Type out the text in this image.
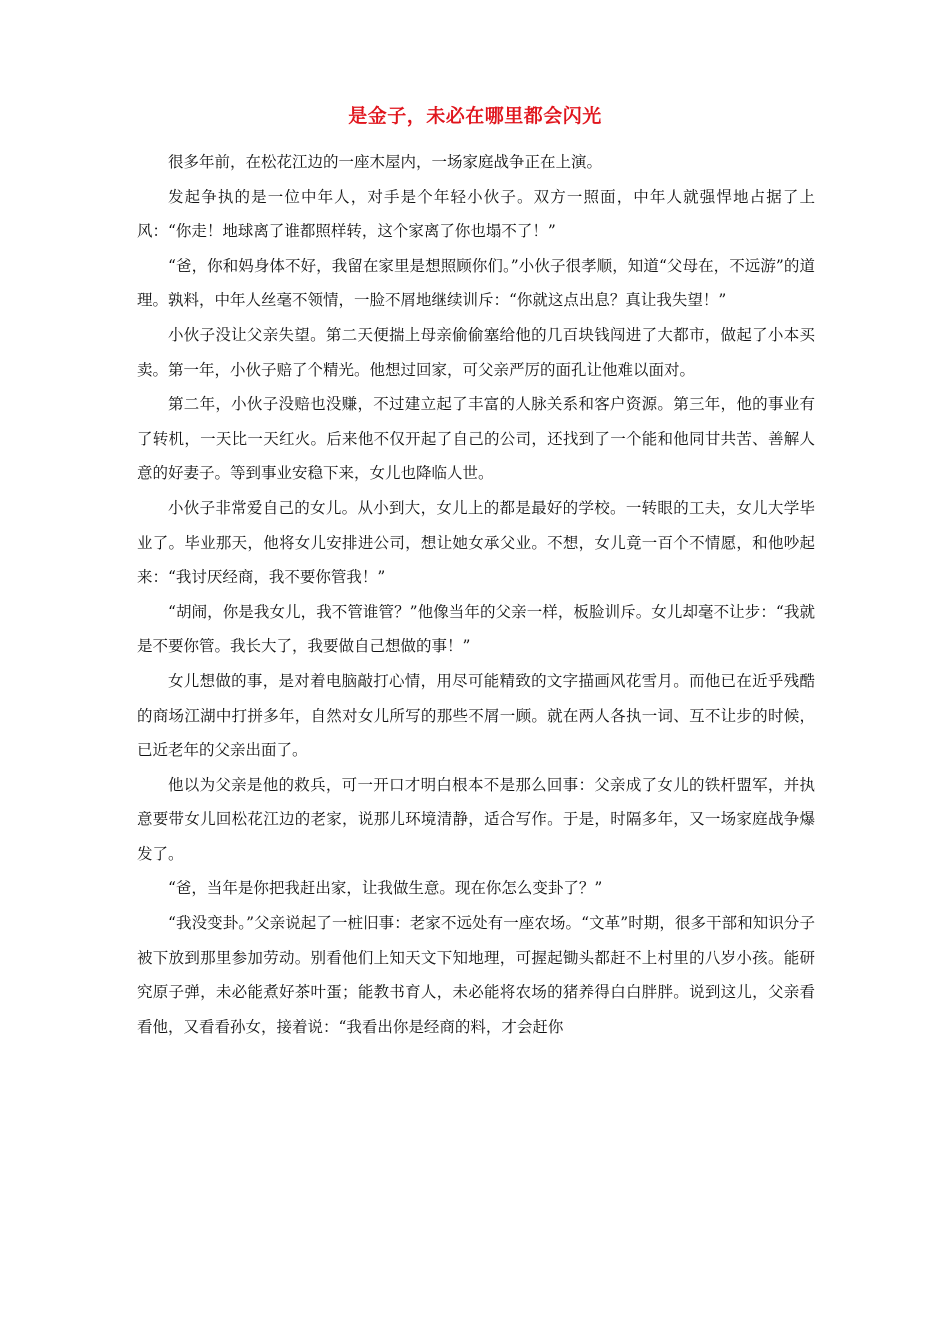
是金子，未必在哪里都会闪光

很多年前，在松花江边的一座木屋内，一场家庭战争正在上演。

发起争执的是一位中年人，对手是个年轻小伙子。双方一照面，中年人就强悍地占据了上风：“你走！地球离了谁都照样转，这个家离了你也塌不了！”

“爸，你和妈身体不好，我留在家里是想照顾你们。”小伙子很孝顺，知道“父母在，不远游”的道理。孰料，中年人丝毫不领情，一脸不屑地继续训斥：“你就这点出息？真让我失望！”

小伙子没让父亲失望。第二天便揣上母亲偷偷塞给他的几百块钱闯进了大都市，做起了小本买卖。第一年，小伙子赔了个精光。他想过回家，可父亲严厉的面孔让他难以面对。

第二年，小伙子没赔也没赚，不过建立起了丰富的人脉关系和客户资源。第三年，他的事业有了转机，一天比一天红火。后来他不仅开起了自己的公司，还找到了一个能和他同甘共苦、善解人意的好妻子。等到事业安稳下来，女儿也降临人世。

小伙子非常爱自己的女儿。从小到大，女儿上的都是最好的学校。一转眼的工夫，女儿大学毕业了。毕业那天，他将女儿安排进公司，想让她女承父业。不想，女儿竟一百个不情愿，和他吵起来：“我讨厌经商，我不要你管我！”

“胡闹，你是我女儿，我不管谁管？”他像当年的父亲一样，板脸训斥。女儿却毫不让步：“我就是不要你管。我长大了，我要做自己想做的事！”

女儿想做的事，是对着电脑敲打心情，用尽可能精致的文字描画风花雪月。而他已在近乎残酷的商场江湖中打拼多年，自然对女儿所写的那些不屑一顾。就在两人各执一词、互不让步的时候，已近老年的父亲出面了。

他以为父亲是他的救兵，可一开口才明白根本不是那么回事：父亲成了女儿的铁杆盟军，并执意要带女儿回松花江边的老家，说那儿环境清静，适合写作。于是，时隔多年，又一场家庭战争爆发了。

“爸，当年是你把我赶出家，让我做生意。现在你怎么变卦了？”

“我没变卦。”父亲说起了一桩旧事：老家不远处有一座农场。“文革”时期，很多干部和知识分子被下放到那里参加劳动。别看他们上知天文下知地理，可握起锄头都赶不上村里的八岁小孩。能研究原子弹，未必能煮好茶叶蛋；能教书育人，未必能将农场的猪养得白白胖胖。说到这儿，父亲看看他，又看看孙女，接着说：“我看出你是经商的料，才会赶你
